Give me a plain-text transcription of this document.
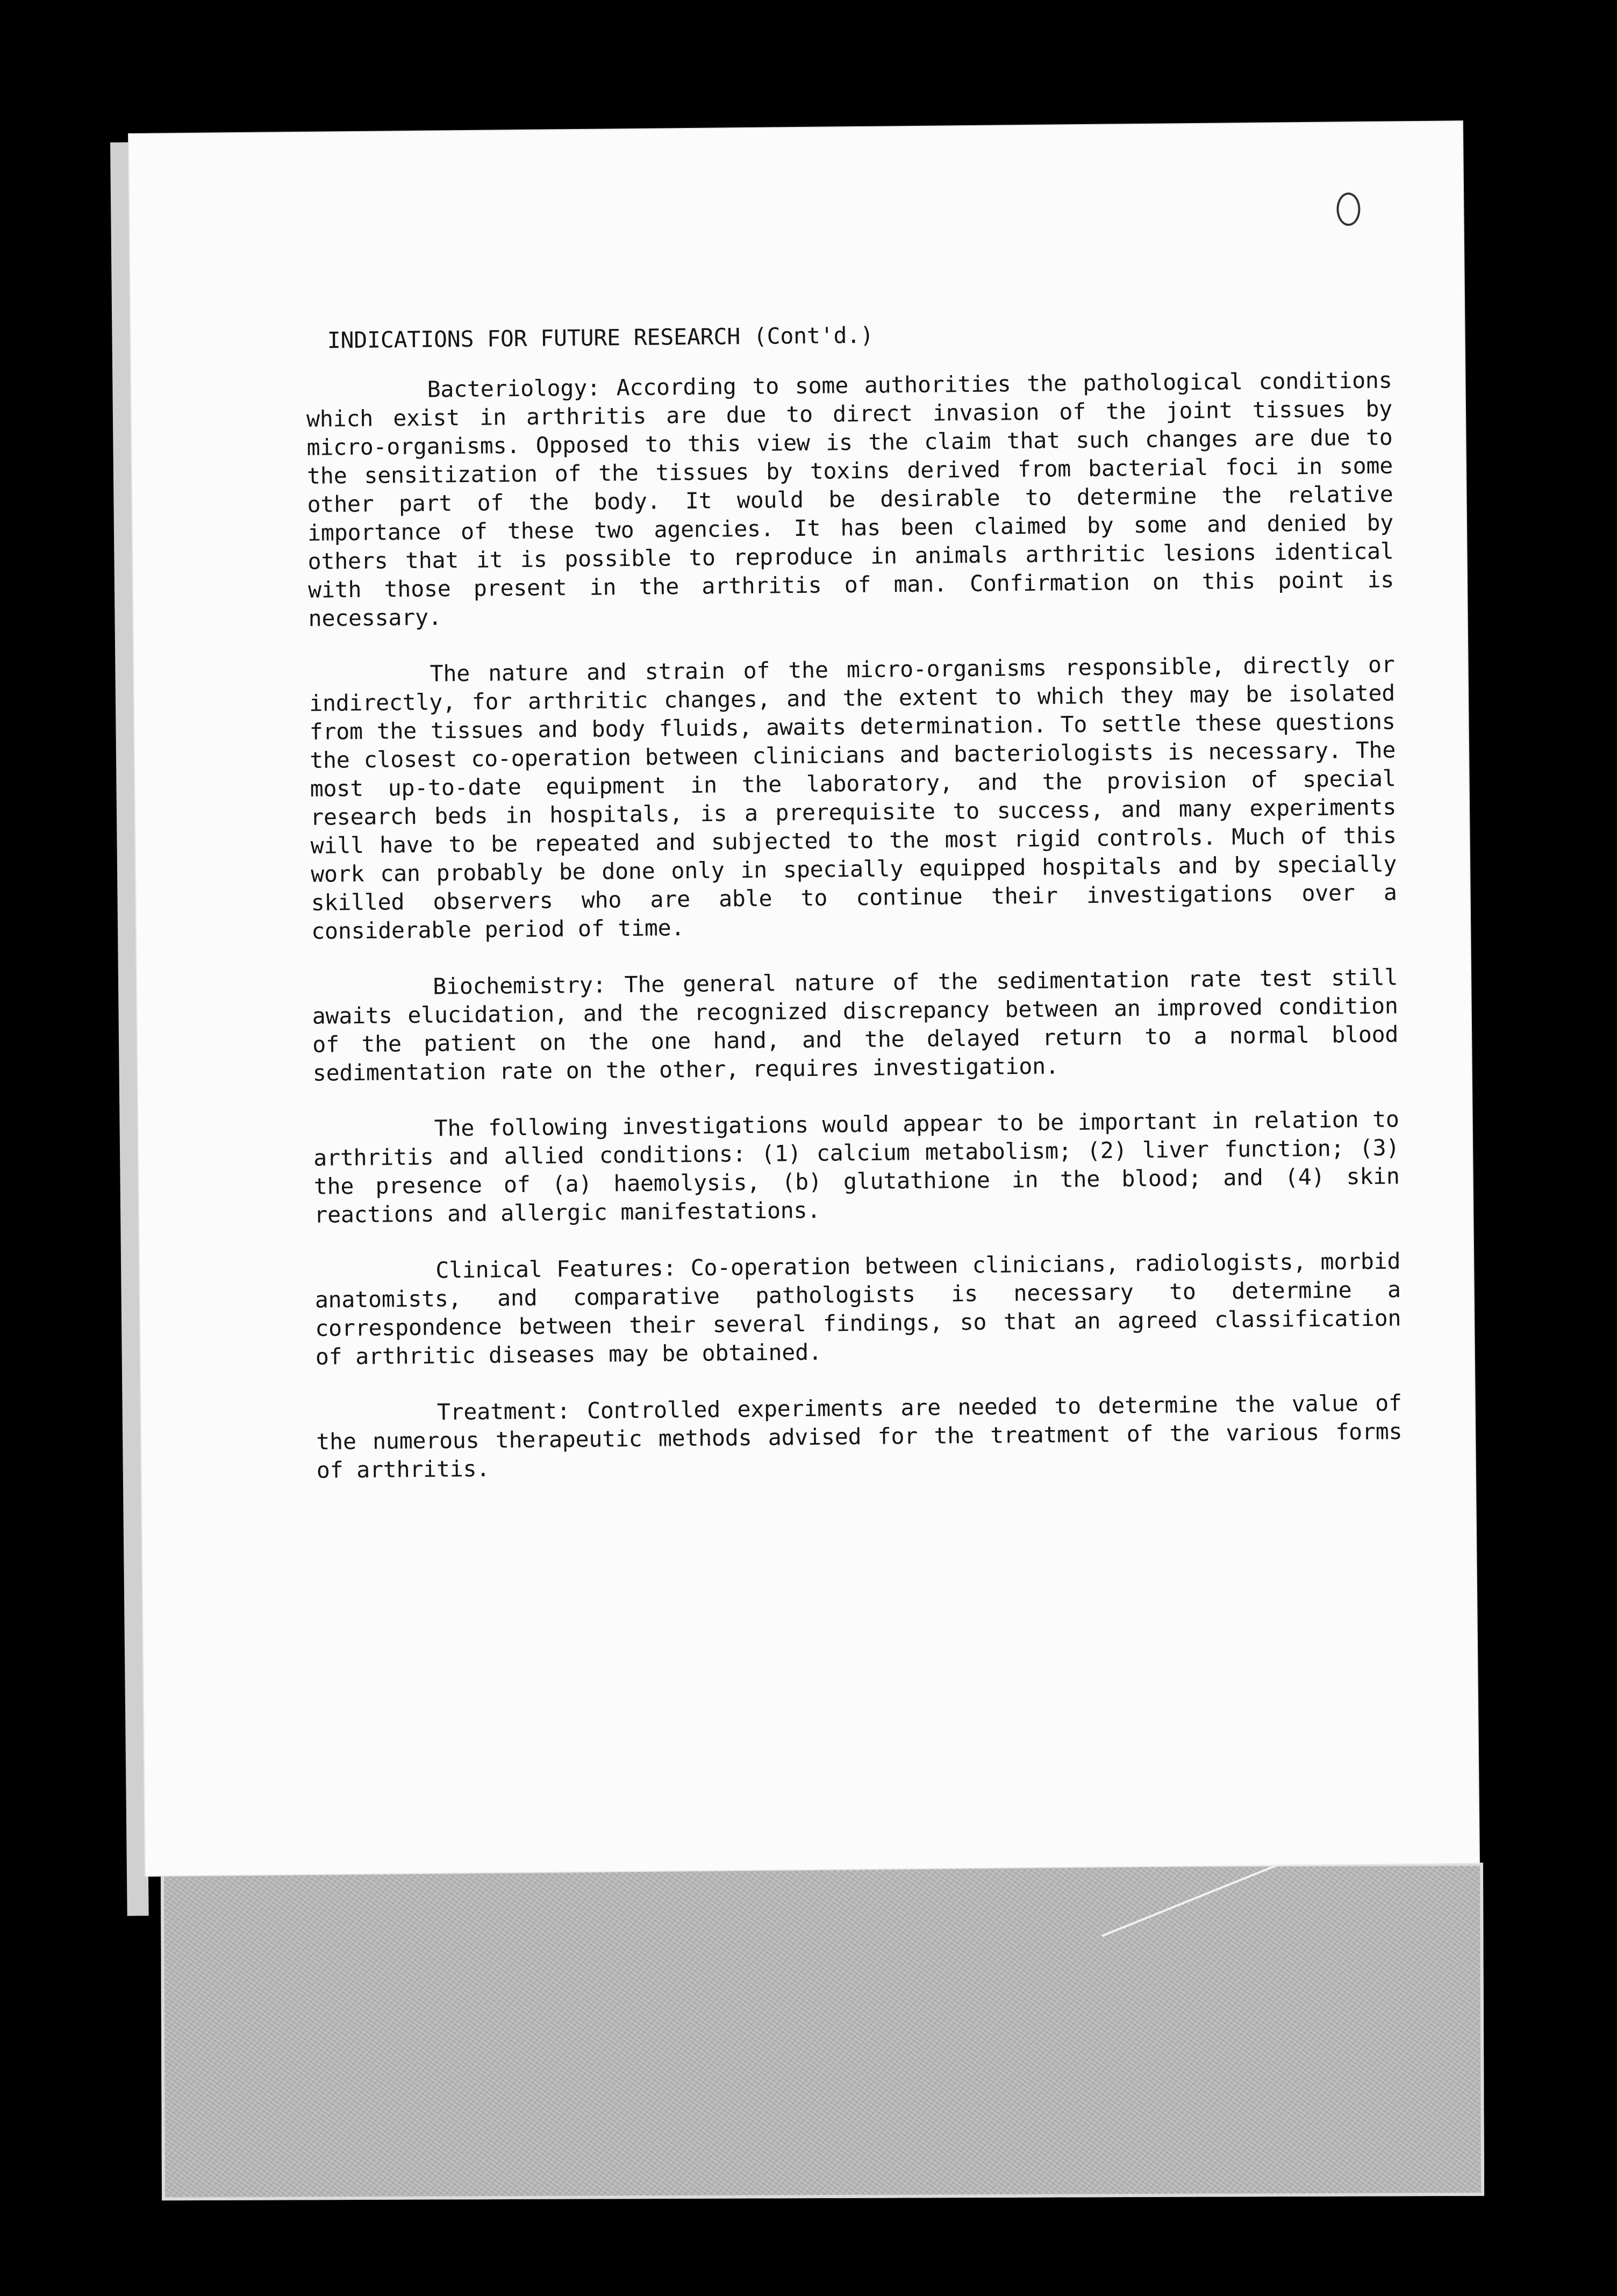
INDICATIONS FOR FUTURE RESEARCH (Cont'd.)

Bacteriology: According to some authorities the pathological conditions which exist in arthritis are due to direct invasion of the joint tissues by micro-organisms. Opposed to this view is the claim that such changes are due to the sensitization of the tissues by toxins derived from bacterial foci in some other part of the body. It would be desirable to determine the relative importance of these two agencies. It has been claimed by some and denied by others that it is possible to reproduce in animals arthritic lesions identical with those present in the arthritis of man. Confirmation on this point is necessary.

The nature and strain of the micro-organisms responsible, directly or indirectly, for arthritic changes, and the extent to which they may be isolated from the tissues and body fluids, awaits determination. To settle these questions the closest co-operation between clinicians and bacteriologists is necessary. The most up-to-date equipment in the laboratory, and the provision of special research beds in hospitals, is a prerequisite to success, and many experiments will have to be repeated and subjected to the most rigid controls. Much of this work can probably be done only in specially equipped hospitals and by specially skilled observers who are able to continue their investigations over a considerable period of time.

Biochemistry: The general nature of the sedimentation rate test still awaits elucidation, and the recognized discrepancy between an improved condition of the patient on the one hand, and the delayed return to a normal blood sedimentation rate on the other, requires investigation.

The following investigations would appear to be important in relation to arthritis and allied conditions: (1) calcium metabolism; (2) liver function; (3) the presence of (a) haemolysis, (b) glutathione in the blood; and (4) skin reactions and allergic manifestations.

Clinical Features: Co-operation between clinicians, radiologists, morbid anatomists, and comparative pathologists is necessary to determine a correspondence between their several findings, so that an agreed classification of arthritic diseases may be obtained.

Treatment: Controlled experiments are needed to determine the value of the numerous therapeutic methods advised for the treatment of the various forms of arthritis.
